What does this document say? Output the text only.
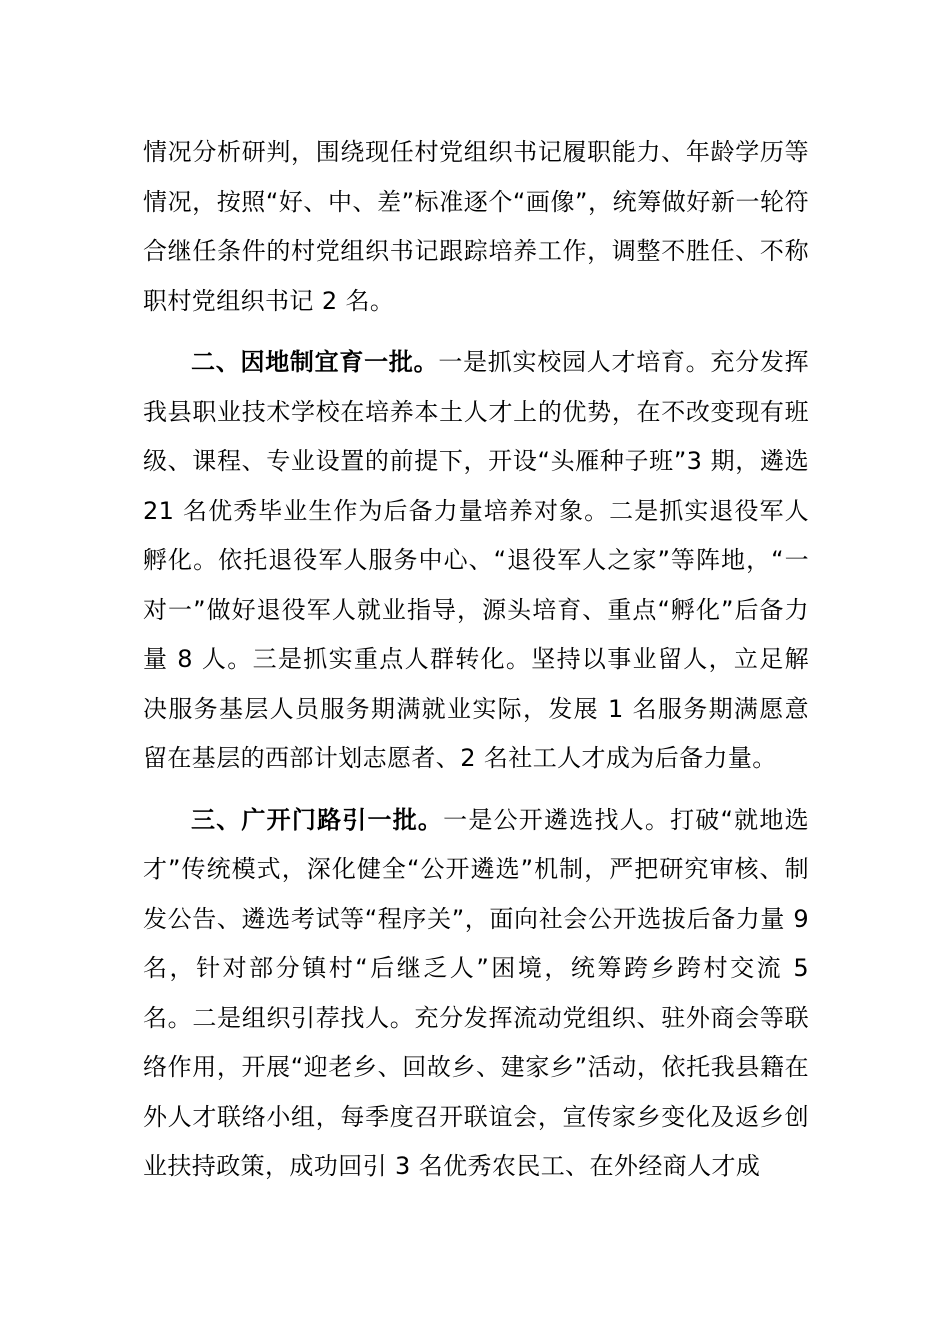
情况分析研判，围绕现任村党组织书记履职能力、年龄学历等情况，按照“好、中、差”标准逐个“画像”，统筹做好新一轮符合继任条件的村党组织书记跟踪培养工作，调整不胜任、不称职村党组织书记 2 名。

二、因地制宜育一批。一是抓实校园人才培育。充分发挥我县职业技术学校在培养本土人才上的优势，在不改变现有班级、课程、专业设置的前提下，开设“头雁种子班”3 期，遴选 21 名优秀毕业生作为后备力量培养对象。二是抓实退役军人孵化。依托退役军人服务中心、“退役军人之家”等阵地，“一对一”做好退役军人就业指导，源头培育、重点“孵化”后备力量 8 人。三是抓实重点人群转化。坚持以事业留人，立足解决服务基层人员服务期满就业实际，发展 1 名服务期满愿意留在基层的西部计划志愿者、2 名社工人才成为后备力量。

三、广开门路引一批。一是公开遴选找人。打破“就地选才”传统模式，深化健全“公开遴选”机制，严把研究审核、制发公告、遴选考试等“程序关”，面向社会公开选拔后备力量 9 名，针对部分镇村“后继乏人”困境，统筹跨乡跨村交流 5 名。二是组织引荐找人。充分发挥流动党组织、驻外商会等联络作用，开展“迎老乡、回故乡、建家乡”活动，依托我县籍在外人才联络小组，每季度召开联谊会，宣传家乡变化及返乡创业扶持政策，成功回引 3 名优秀农民工、在外经商人才成
